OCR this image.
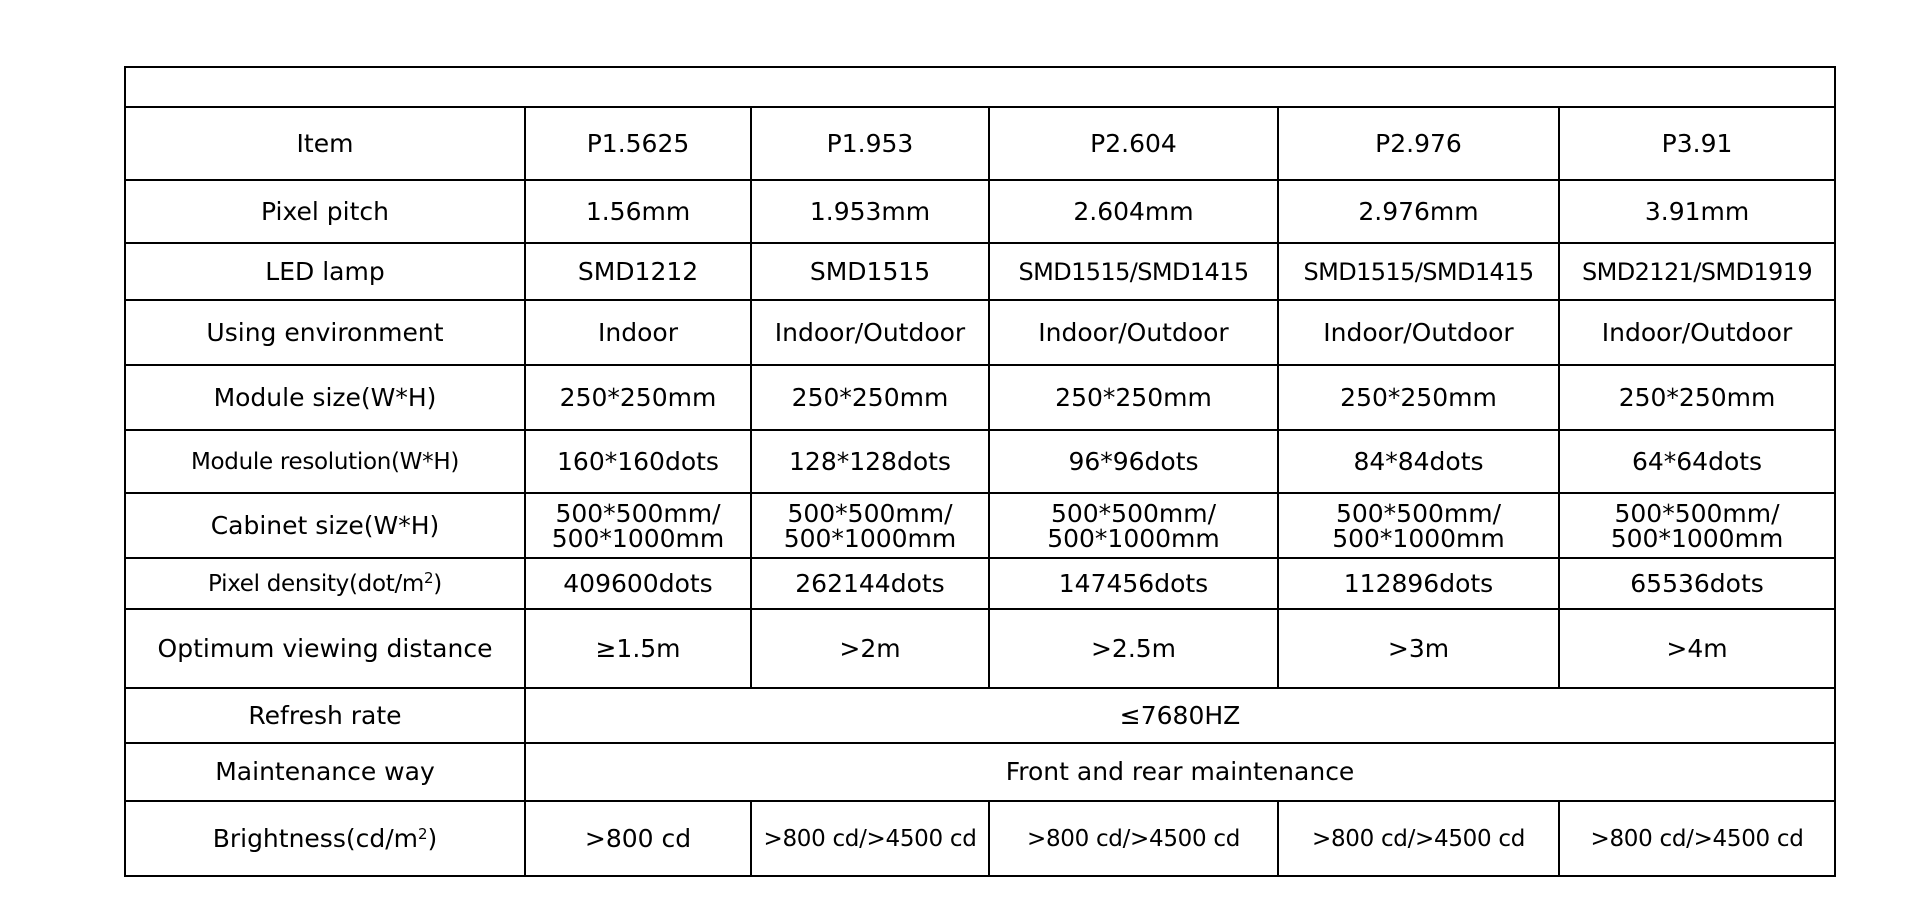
Item	P1.5625	P1.953	P2.604	P2.976	P3.91
Pixel pitch	1.56mm	1.953mm	2.604mm	2.976mm	3.91mm
LED lamp	SMD1212	SMD1515	SMD1515/SMD1415	SMD1515/SMD1415	SMD2121/SMD1919
Using environment	Indoor	Indoor/Outdoor	Indoor/Outdoor	Indoor/Outdoor	Indoor/Outdoor
Module size(W*H)	250*250mm	250*250mm	250*250mm	250*250mm	250*250mm
Module resolution(W*H)	160*160dots	128*128dots	96*96dots	84*84dots	64*64dots
Cabinet size(W*H)	500*500mm/ 500*1000mm	500*500mm/ 500*1000mm	500*500mm/ 500*1000mm	500*500mm/ 500*1000mm	500*500mm/ 500*1000mm
Pixel $density(dot/m^2)$	409600dots	262144dots	147456dots	112896dots	65536dots
Optimum viewing distance	≥1.5m	>2m	>2.5m	>3m	>4m
Refresh rate	≤7680HZ				
Maintenance way	Front and rear maintenance				
$Brightness(cd/m^2)$	>800 cd	>800 cd/>4500 cd	>800 cd/>4500 cd	>800 cd/>4500 cd	>800 cd/>4500 cd
